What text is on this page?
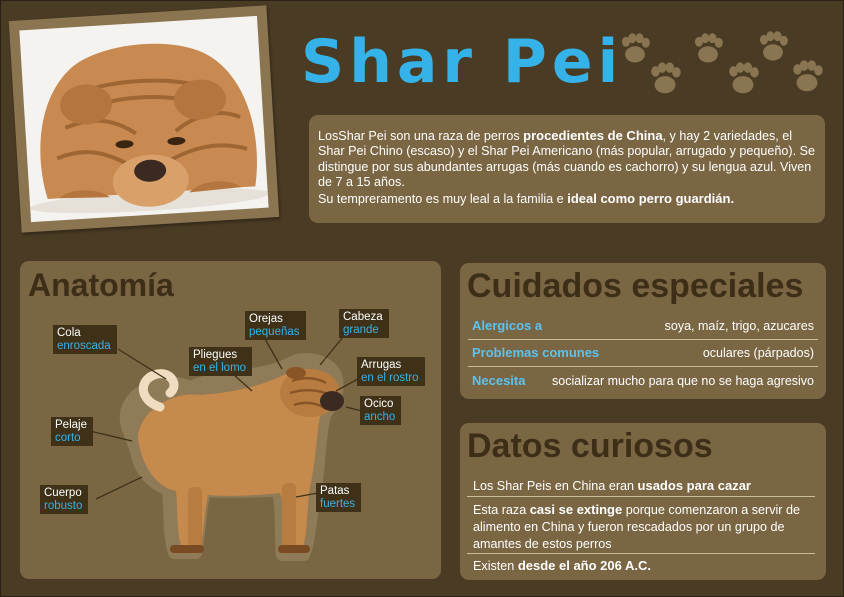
Shar Pei

LosShar Pei son una raza de perros procedientes de China, y hay 2 variedades, el Shar Pei Chino (escaso) y el Shar Pei Americano (más popular, arrugado y pequeño). Se distingue por sus abundantes arrugas (más cuando es cachorro) y su lengua azul. Viven de 7 a 15 años.

Su tempreramento es muy leal a la familia e ideal como perro guardián.

Anatomía
Cola
enroscada
Orejas
pequeñas
Cabeza
grande
Pliegues
en el lomo	Arrugas
en el rostro
Ocico
ancho
Pelaje
corto
Cuerpo
robusto
Patas
fuertes
Cuidados especiales
Alergicos a	soya, maíz, trigo, azucares
Problemas comunes	oculares (párpados)
Necesita socializar mucho para que no se haga agresivo
Datos curiosos
Los Shar Peis en China eran usados para cazar
Esta raza casi se extinge porque comenzaron a servir de alimento en China y fueron rescadados por un grupo de amantes de estos perros
Existen desde el año 206 A.C.
